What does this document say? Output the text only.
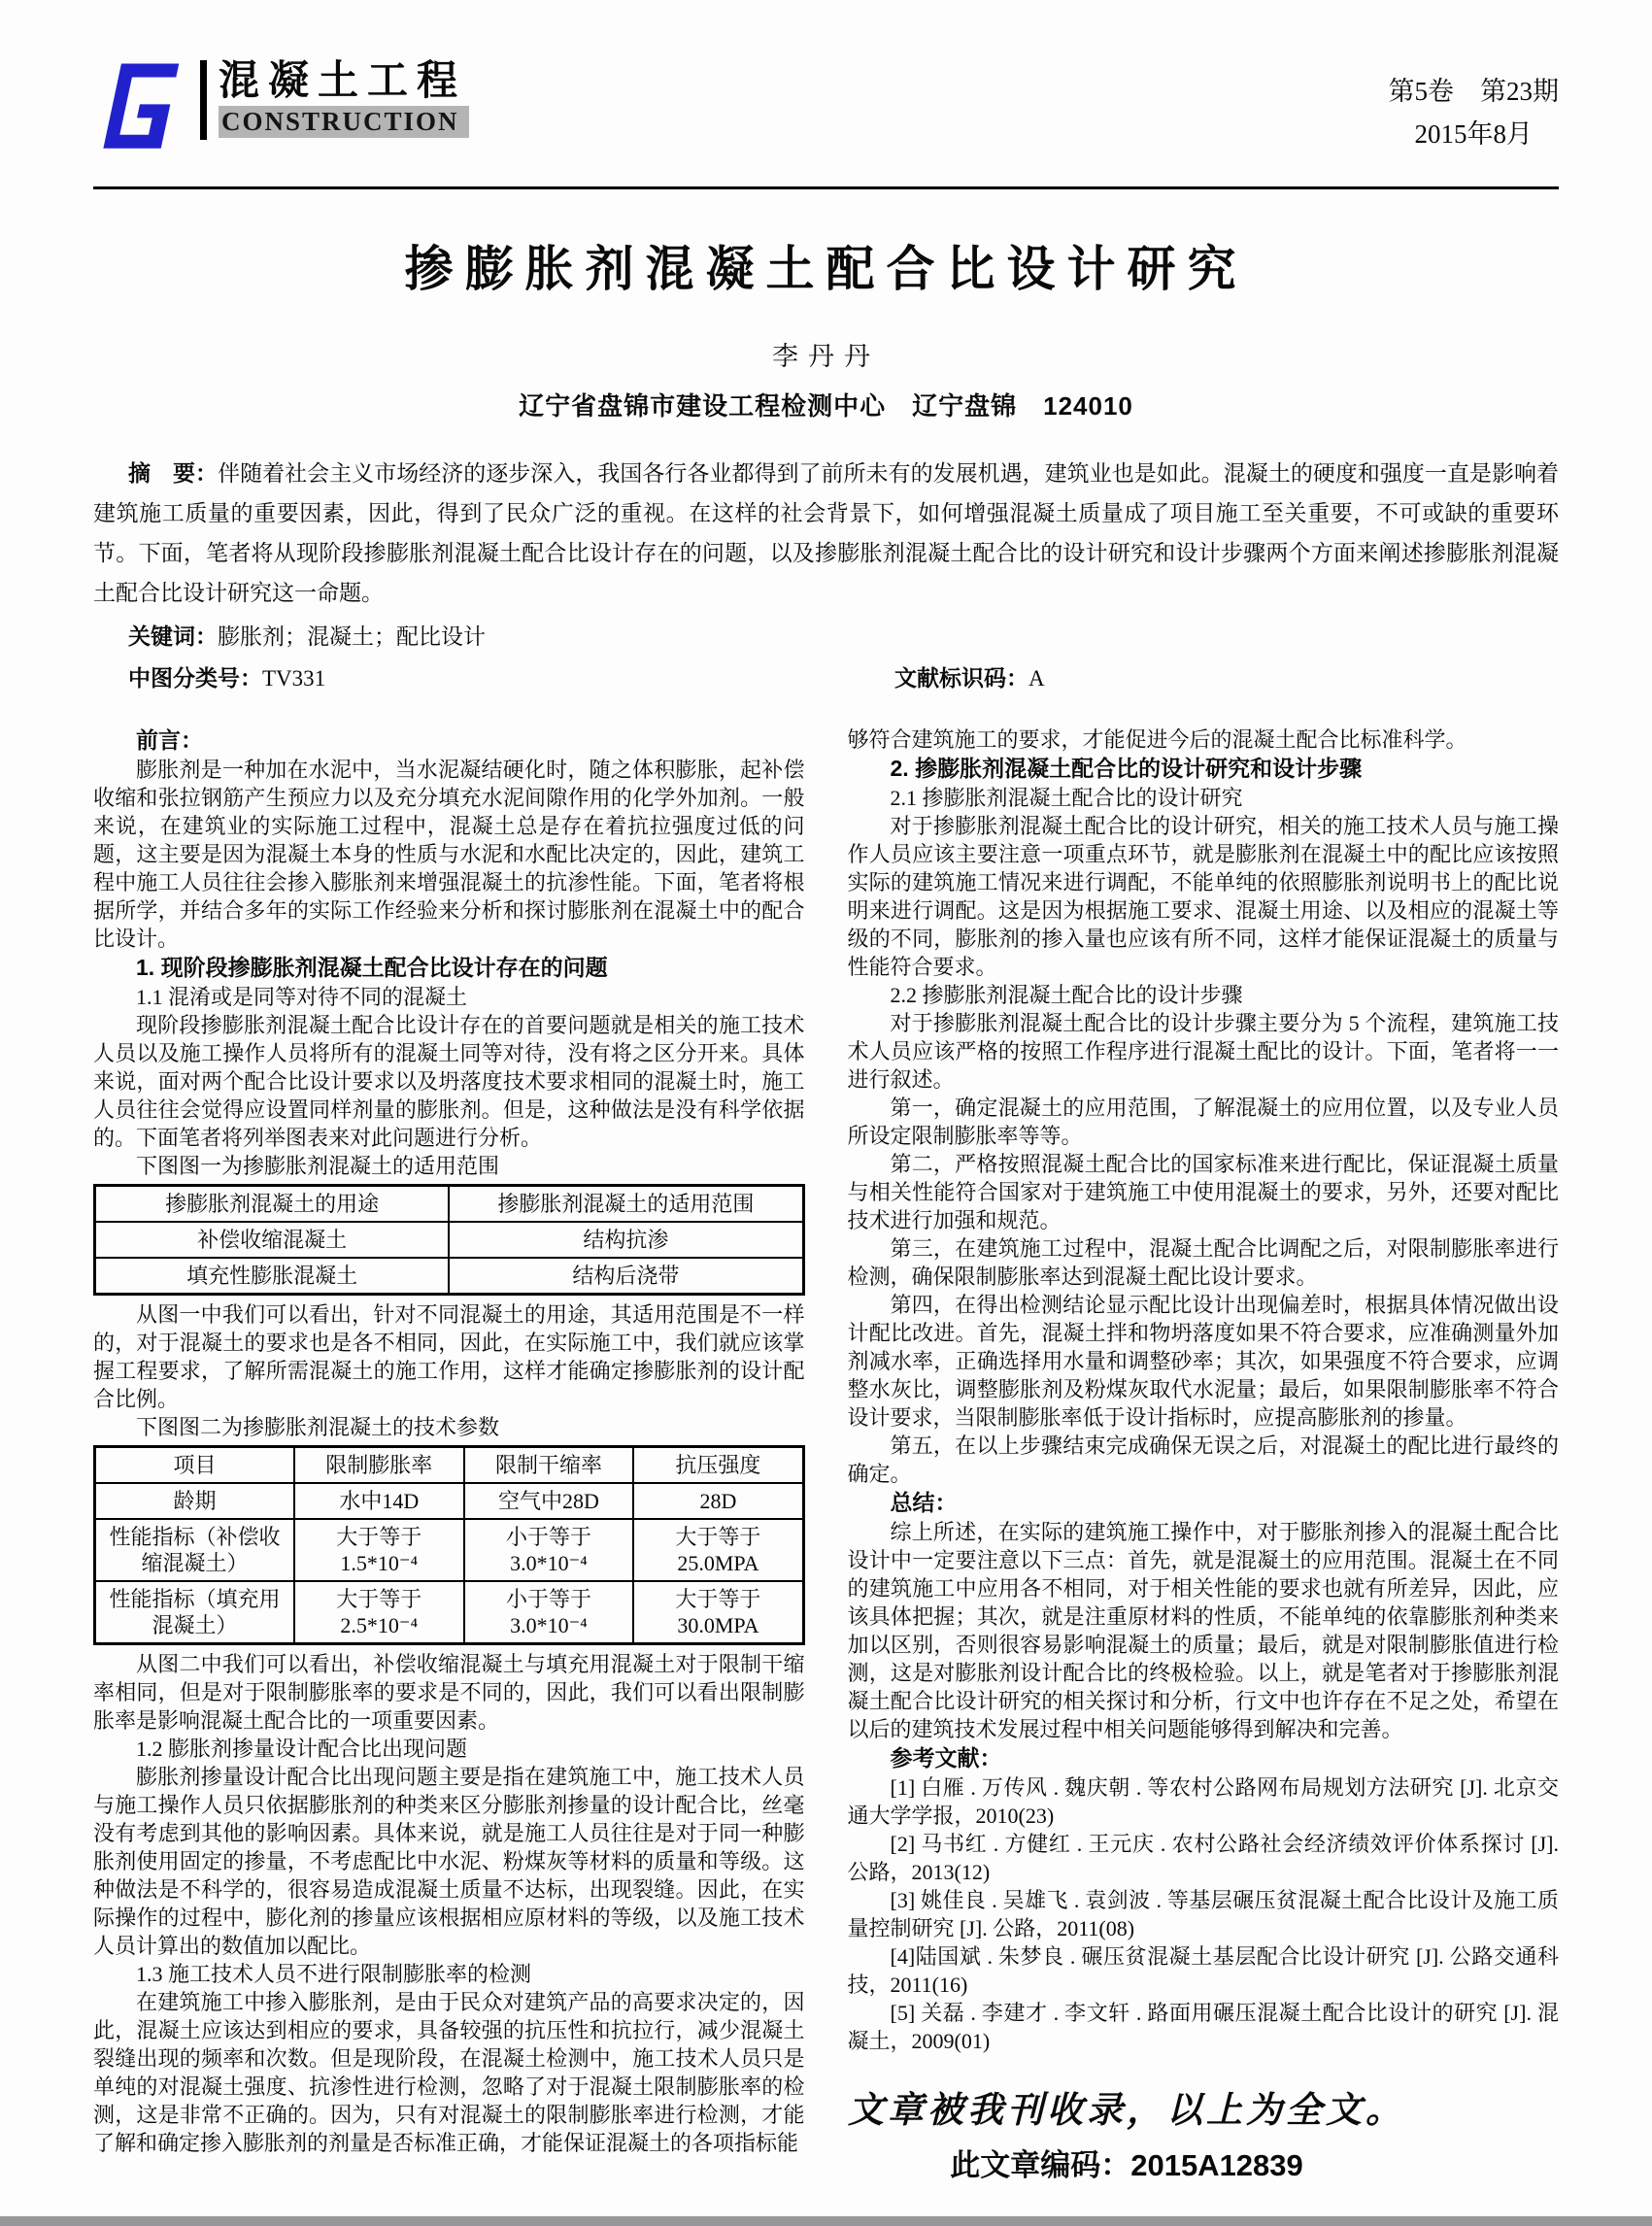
混凝土工程
CONSTRUCTION
第5卷　第23期
2015年8月
掺膨胀剂混凝土配合比设计研究
李丹丹
辽宁省盘锦市建设工程检测中心　辽宁盘锦　124010

摘　要：伴随着社会主义市场经济的逐步深入，我国各行各业都得到了前所未有的发展机遇，建筑业也是如此。混凝土的硬度和强度一直是影响着建筑施工质量的重要因素，因此，得到了民众广泛的重视。在这样的社会背景下，如何增强混凝土质量成了项目施工至关重要，不可或缺的重要环节。下面，笔者将从现阶段掺膨胀剂混凝土配合比设计存在的问题，以及掺膨胀剂混凝土配合比的设计研究和设计步骤两个方面来阐述掺膨胀剂混凝土配合比设计研究这一命题。

关键词：膨胀剂；混凝土；配比设计

中图分类号：TV331	文献标识码：A

前言：

膨胀剂是一种加在水泥中，当水泥凝结硬化时，随之体积膨胀，起补偿收缩和张拉钢筋产生预应力以及充分填充水泥间隙作用的化学外加剂。一般来说，在建筑业的实际施工过程中，混凝土总是存在着抗拉强度过低的问题，这主要是因为混凝土本身的性质与水泥和水配比决定的，因此，建筑工程中施工人员往往会掺入膨胀剂来增强混凝土的抗渗性能。下面，笔者将根据所学，并结合多年的实际工作经验来分析和探讨膨胀剂在混凝土中的配合比设计。

1. 现阶段掺膨胀剂混凝土配合比设计存在的问题

1.1 混淆或是同等对待不同的混凝土

现阶段掺膨胀剂混凝土配合比设计存在的首要问题就是相关的施工技术人员以及施工操作人员将所有的混凝土同等对待，没有将之区分开来。具体来说，面对两个配合比设计要求以及坍落度技术要求相同的混凝土时，施工人员往往会觉得应设置同样剂量的膨胀剂。但是，这种做法是没有科学依据的。下面笔者将列举图表来对此问题进行分析。

下图图一为掺膨胀剂混凝土的适用范围

掺膨胀剂混凝土的用途	掺膨胀剂混凝土的适用范围
补偿收缩混凝土	结构抗渗
填充性膨胀混凝土	结构后浇带

从图一中我们可以看出，针对不同混凝土的用途，其适用范围是不一样的，对于混凝土的要求也是各不相同，因此，在实际施工中，我们就应该掌握工程要求，了解所需混凝土的施工作用，这样才能确定掺膨胀剂的设计配合比例。

下图图二为掺膨胀剂混凝土的技术参数

项目	限制膨胀率	限制干缩率	抗压强度
龄期	水中14D	空气中28D	28D
性能指标（补偿收缩混凝土）	大于等于1.5*10⁻⁴	小于等于3.0*10⁻⁴	大于等于25.0MPA
性能指标（填充用混凝土）	大于等于2.5*10⁻⁴	小于等于3.0*10⁻⁴	大于等于30.0MPA

从图二中我们可以看出，补偿收缩混凝土与填充用混凝土对于限制干缩率相同，但是对于限制膨胀率的要求是不同的，因此，我们可以看出限制膨胀率是影响混凝土配合比的一项重要因素。

1.2 膨胀剂掺量设计配合比出现问题

膨胀剂掺量设计配合比出现问题主要是指在建筑施工中，施工技术人员与施工操作人员只依据膨胀剂的种类来区分膨胀剂掺量的设计配合比，丝毫没有考虑到其他的影响因素。具体来说，就是施工人员往往是对于同一种膨胀剂使用固定的掺量，不考虑配比中水泥、粉煤灰等材料的质量和等级。这种做法是不科学的，很容易造成混凝土质量不达标，出现裂缝。因此，在实际操作的过程中，膨化剂的掺量应该根据相应原材料的等级，以及施工技术人员计算出的数值加以配比。

1.3 施工技术人员不进行限制膨胀率的检测

在建筑施工中掺入膨胀剂，是由于民众对建筑产品的高要求决定的，因此，混凝土应该达到相应的要求，具备较强的抗压性和抗拉行，减少混凝土裂缝出现的频率和次数。但是现阶段，在混凝土检测中，施工技术人员只是单纯的对混凝土强度、抗渗性进行检测，忽略了对于混凝土限制膨胀率的检测，这是非常不正确的。因为，只有对混凝土的限制膨胀率进行检测，才能了解和确定掺入膨胀剂的剂量是否标准正确，才能保证混凝土的各项指标能

够符合建筑施工的要求，才能促进今后的混凝土配合比标准科学。

2. 掺膨胀剂混凝土配合比的设计研究和设计步骤

2.1 掺膨胀剂混凝土配合比的设计研究

对于掺膨胀剂混凝土配合比的设计研究，相关的施工技术人员与施工操作人员应该主要注意一项重点环节，就是膨胀剂在混凝土中的配比应该按照实际的建筑施工情况来进行调配，不能单纯的依照膨胀剂说明书上的配比说明来进行调配。这是因为根据施工要求、混凝土用途、以及相应的混凝土等级的不同，膨胀剂的掺入量也应该有所不同，这样才能保证混凝土的质量与性能符合要求。

2.2 掺膨胀剂混凝土配合比的设计步骤

对于掺膨胀剂混凝土配合比的设计步骤主要分为 5 个流程，建筑施工技术人员应该严格的按照工作程序进行混凝土配比的设计。下面，笔者将一一进行叙述。

第一，确定混凝土的应用范围，了解混凝土的应用位置，以及专业人员所设定限制膨胀率等等。

第二，严格按照混凝土配合比的国家标准来进行配比，保证混凝土质量与相关性能符合国家对于建筑施工中使用混凝土的要求，另外，还要对配比技术进行加强和规范。

第三，在建筑施工过程中，混凝土配合比调配之后，对限制膨胀率进行检测，确保限制膨胀率达到混凝土配比设计要求。

第四，在得出检测结论显示配比设计出现偏差时，根据具体情况做出设计配比改进。首先，混凝土拌和物坍落度如果不符合要求，应准确测量外加剂减水率，正确选择用水量和调整砂率；其次，如果强度不符合要求，应调整水灰比，调整膨胀剂及粉煤灰取代水泥量；最后，如果限制膨胀率不符合设计要求，当限制膨胀率低于设计指标时，应提高膨胀剂的掺量。

第五，在以上步骤结束完成确保无误之后，对混凝土的配比进行最终的确定。

总结：

综上所述，在实际的建筑施工操作中，对于膨胀剂掺入的混凝土配合比设计中一定要注意以下三点：首先，就是混凝土的应用范围。混凝土在不同的建筑施工中应用各不相同，对于相关性能的要求也就有所差异，因此，应该具体把握；其次，就是注重原材料的性质，不能单纯的依靠膨胀剂种类来加以区别，否则很容易影响混凝土的质量；最后，就是对限制膨胀值进行检测，这是对膨胀剂设计配合比的终极检验。以上，就是笔者对于掺膨胀剂混凝土配合比设计研究的相关探讨和分析，行文中也许存在不足之处，希望在以后的建筑技术发展过程中相关问题能够得到解决和完善。

参考文献：

[1] 白雁 . 万传风 . 魏庆朝 . 等农村公路网布局规划方法研究 [J]. 北京交通大学学报，2010(23)

[2] 马书红 . 方健红 . 王元庆 . 农村公路社会经济绩效评价体系探讨 [J]. 公路，2013(12)

[3] 姚佳良 . 吴雄飞 . 袁剑波 . 等基层碾压贫混凝土配合比设计及施工质量控制研究 [J]. 公路，2011(08)

[4]陆国斌 . 朱梦良 . 碾压贫混凝土基层配合比设计研究 [J]. 公路交通科技，2011(16)

[5] 关磊 . 李建才 . 李文轩 . 路面用碾压混凝土配合比设计的研究 [J]. 混凝土，2009(01)

文章被我刊收录，以上为全文。
此文章编码：2015A12839
